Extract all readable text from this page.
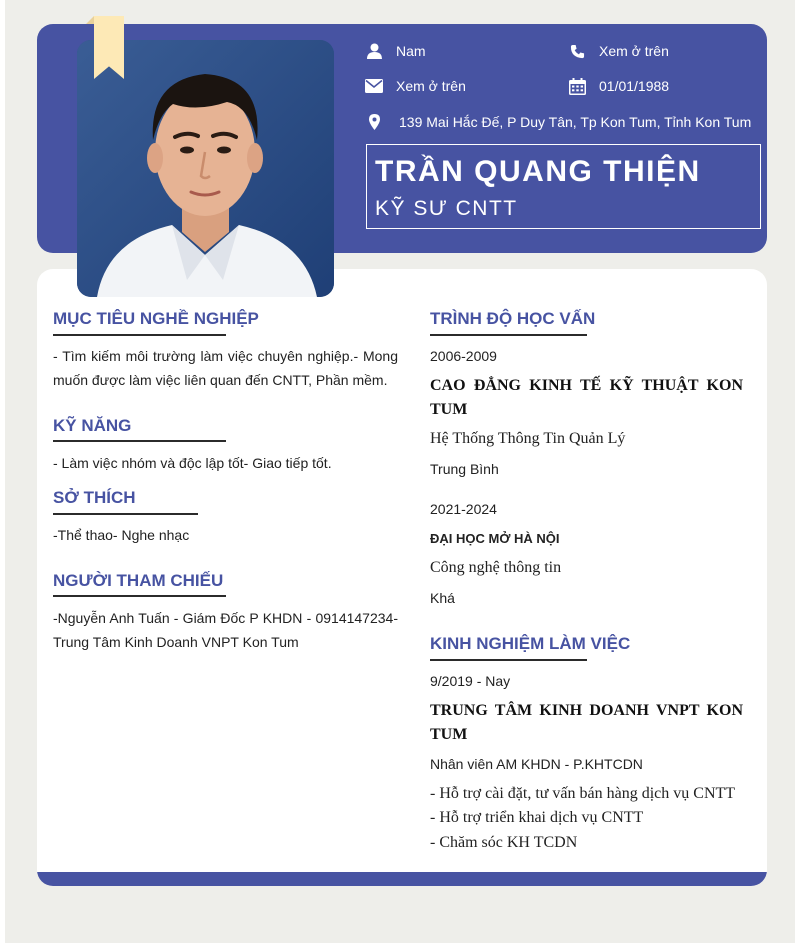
Nam	Xem ở trên
Xem ở trên	01/01/1988
139 Mai Hắc Đế, P Duy Tân, Tp Kon Tum, Tỉnh Kon Tum
TRẦN QUANG THIỆN
KỸ SƯ CNTT
MỤC TIÊU NGHỀ NGHIỆP
- Tìm kiếm môi trường làm việc chuyên nghiệp.- Mong muốn được làm việc liên quan đến CNTT, Phần mềm.
KỸ NĂNG
- Làm việc nhóm và độc lập tốt- Giao tiếp tốt.
SỞ THÍCH
-Thể thao- Nghe nhạc
NGƯỜI THAM CHIẾU
-Nguyễn Anh Tuấn - Giám Đốc P KHDN - 0914147234- Trung Tâm Kinh Doanh VNPT Kon Tum
TRÌNH ĐỘ HỌC VẤN
2006-2009
CAO ĐẲNG KINH TẾ KỸ THUẬT KON TUM
Hệ Thống Thông Tin Quản Lý
Trung Bình
2021-2024
ĐẠI HỌC MỞ HÀ NỘI
Công nghệ thông tin
Khá
KINH NGHIỆM LÀM VIỆC
9/2019 - Nay
TRUNG TÂM KINH DOANH VNPT KON TUM
Nhân viên AM KHDN - P.KHTCDN
- Hỗ trợ cài đặt, tư vấn bán hàng dịch vụ CNTT
- Hỗ trợ triển khai dịch vụ CNTT
- Chăm sóc KH TCDN
